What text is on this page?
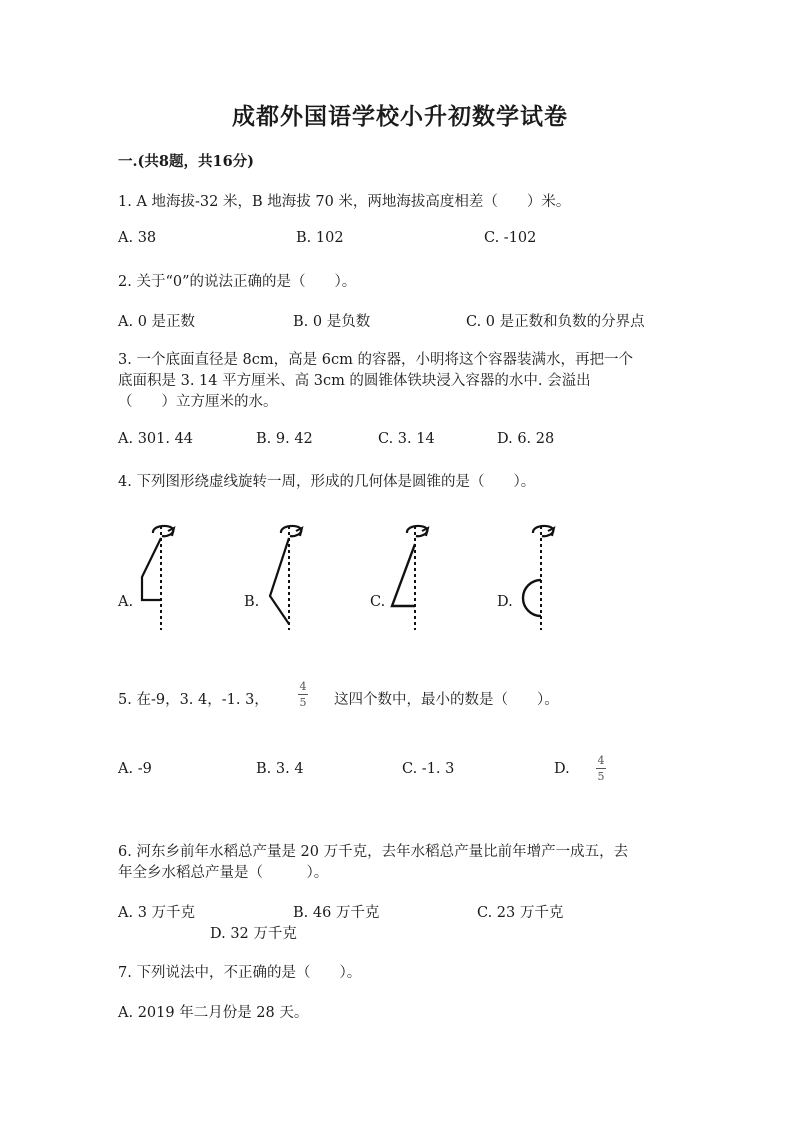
成都外国语学校小升初数学试卷
一.(共8题，共16分)
1. A 地海拔-32 米，B 地海拔 70 米，两地海拔高度相差（　　）米。
A. 38	B. 102	C. -102
2. 关于“0”的说法正确的是（　　）。
A. 0 是正数	B. 0 是负数	C. 0 是正数和负数的分界点
3. 一个底面直径是 8cm，高是 6cm 的容器，小明将这个容器装满水，再把一个
底面积是 3. 14 平方厘米、高 3cm 的圆锥体铁块浸入容器的水中. 会溢出
（　　）立方厘米的水。
A. 301. 44	B. 9. 42	C. 3. 14	D. 6. 28
4. 下列图形绕虚线旋转一周，形成的几何体是圆锥的是（　　）。
A.	B.	C.	D.
5. 在-9，3. 4，-1. 3，
4
5 这四个数中，最小的数是（　　）。
A. -9	B. 3. 4	C. -1. 3	D.
4
5
6. 河东乡前年水稻总产量是 20 万千克，去年水稻总产量比前年增产一成五，去
年全乡水稻总产量是（　　　）。
A. 3 万千克	B. 46 万千克	C. 23 万千克
D. 32 万千克
7. 下列说法中，不正确的是（　　）。
A. 2019 年二月份是 28 天。
